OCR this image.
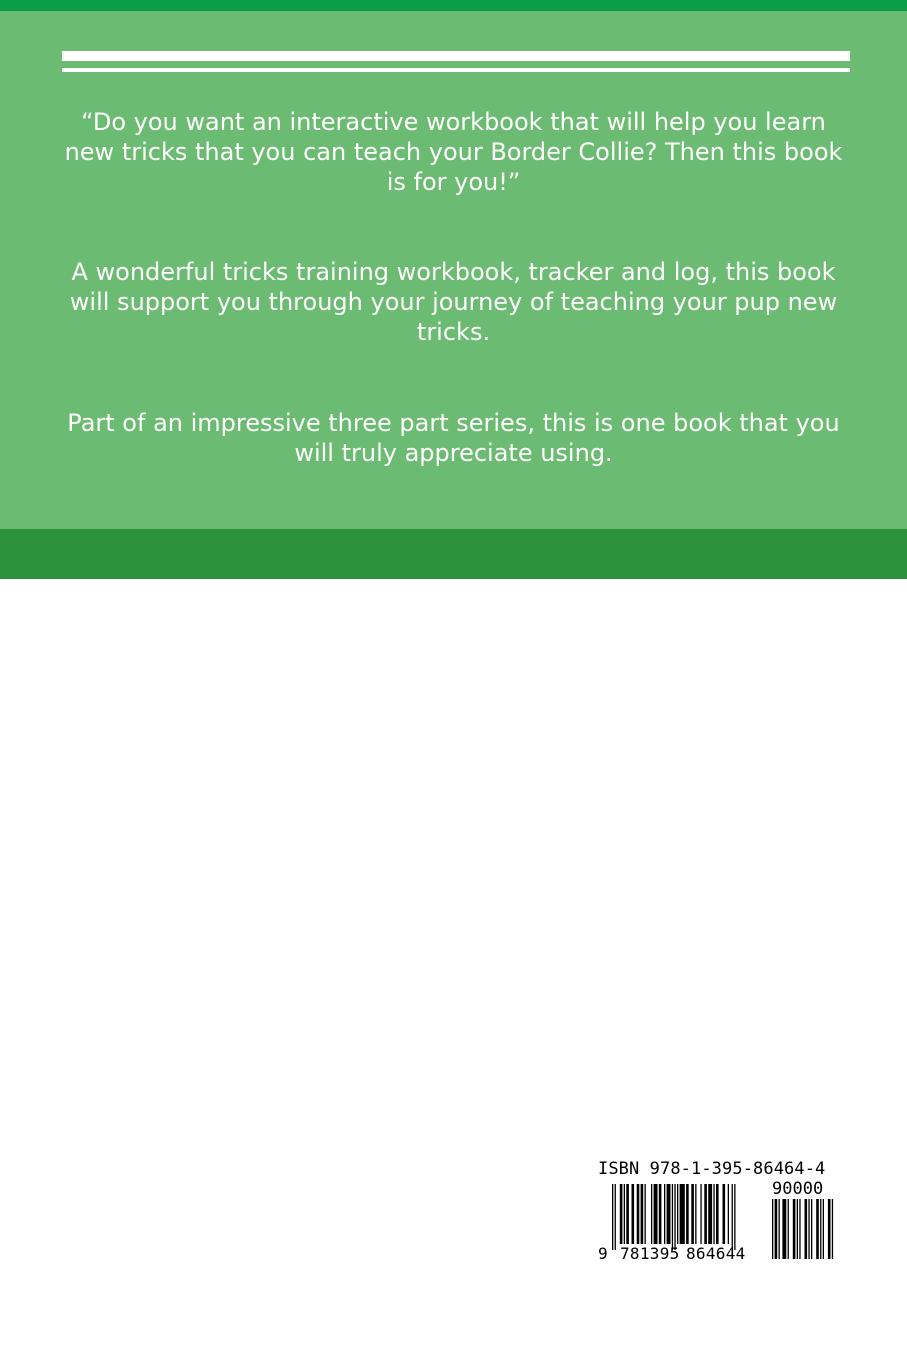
“Do you want an interactive workbook that will help you learn new tricks that you can teach your Border Collie? Then this book is for you!”

A wonderful tricks training workbook, tracker and log, this book will support you through your journey of teaching your pup new tricks.

Part of an impressive three part series, this is one book that you will truly appreciate using.

ISBN 978-1-395-86464-4
90000
9 781395 864644
